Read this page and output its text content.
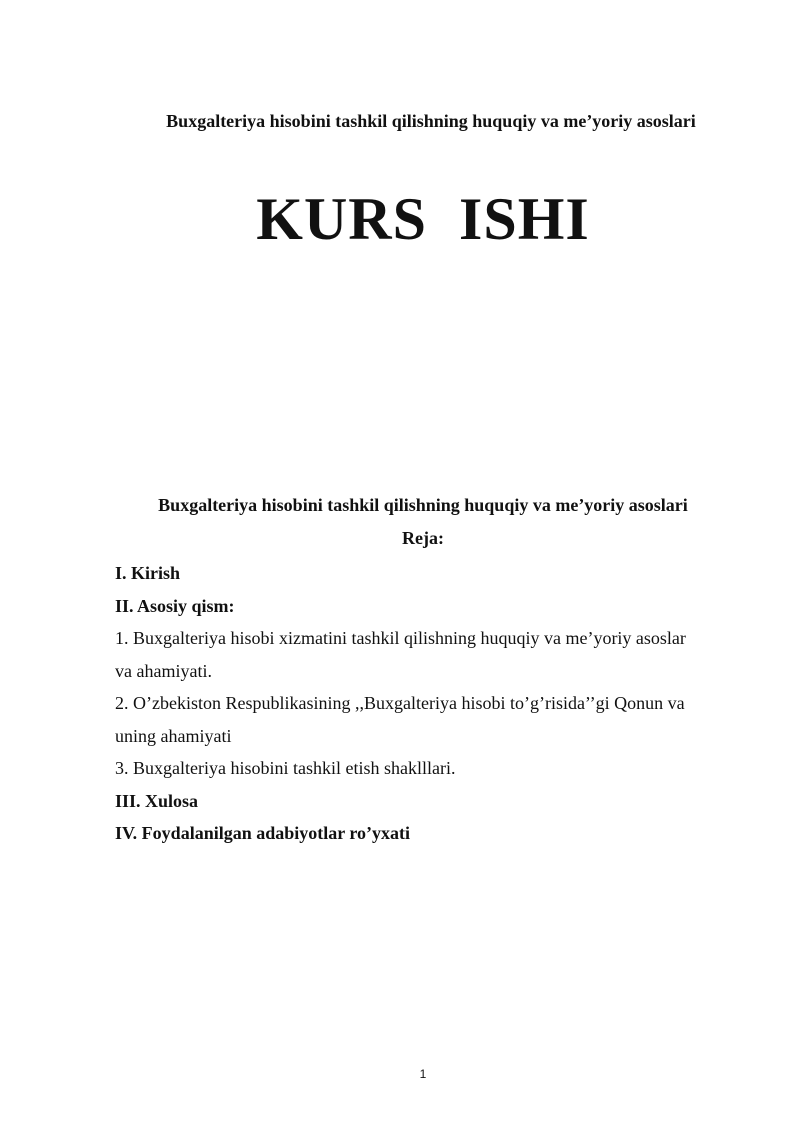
Buxgalteriya hisobini tashkil qilishning huquqiy va me’yoriy asoslari
KURS  ISHI
Buxgalteriya hisobini tashkil qilishning huquqiy va me’yoriy asoslari
Reja:
I. Kirish
II. Asosiy qism:
1. Buxgalteriya hisobi xizmatini tashkil qilishning huquqiy va me’yoriy asoslar
va ahamiyati.
2. O’zbekiston Respublikasining ,,Buxgalteriya hisobi to’g’risida’’gi Qonun va
uning ahamiyati
3. Buxgalteriya hisobini tashkil etish shaklllari.
III. Xulosa
IV. Foydalanilgan adabiyotlar ro’yxati
1
